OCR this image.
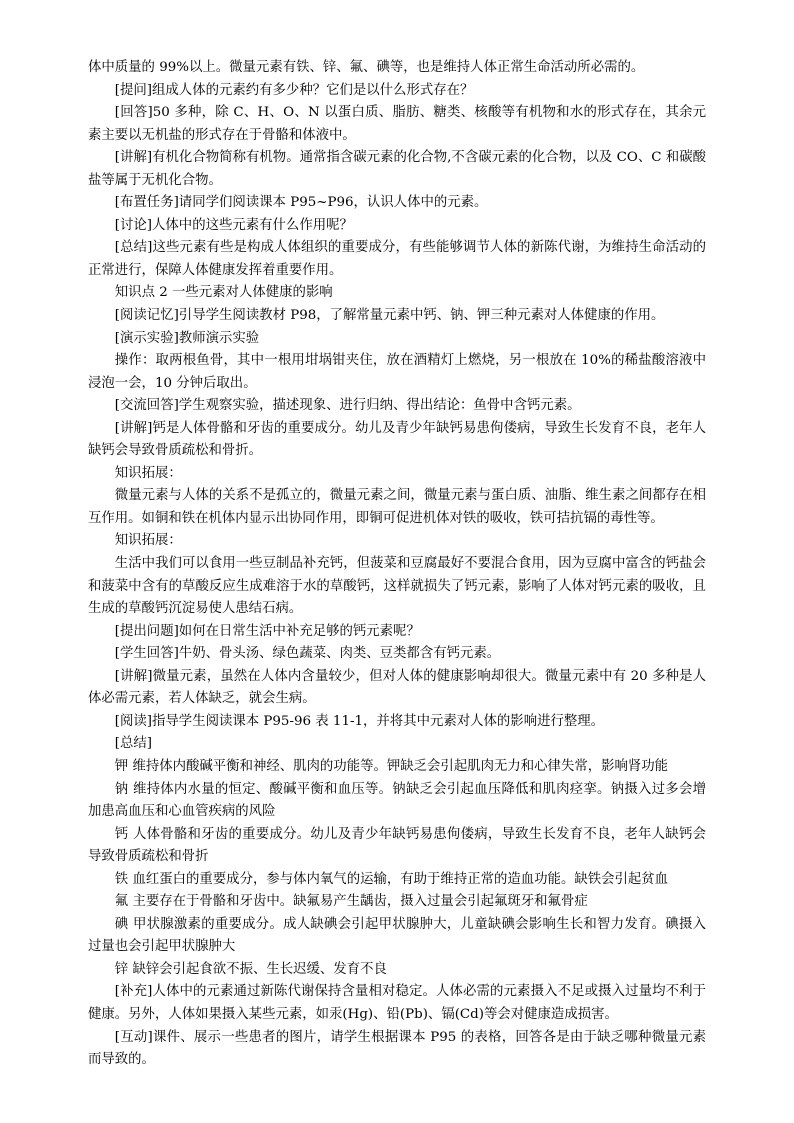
体中质量的 99%以上。微量元素有铁、锌、氟、碘等，也是维持人体正常生命活动所必需的。

[提问]组成人体的元素约有多少种？它们是以什么形式存在？

[回答]50 多种，除 C、H、O、N 以蛋白质、脂肪、糖类、核酸等有机物和水的形式存在，其余元素主要以无机盐的形式存在于骨骼和体液中。

[讲解]有机化合物简称有机物。通常指含碳元素的化合物,不含碳元素的化合物，以及 CO、C 和碳酸盐等属于无机化合物。

[布置任务]请同学们阅读课本 P95~P96，认识人体中的元素。

[讨论]人体中的这些元素有什么作用呢？

[总结]这些元素有些是构成人体组织的重要成分，有些能够调节人体的新陈代谢，为维持生命活动的正常进行，保障人体健康发挥着重要作用。

知识点 2 一些元素对人体健康的影响

[阅读记忆]引导学生阅读教材 P98，了解常量元素中钙、钠、钾三种元素对人体健康的作用。

[演示实验]教师演示实验

操作：取两根鱼骨，其中一根用坩埚钳夹住，放在酒精灯上燃烧，另一根放在 10%的稀盐酸溶液中浸泡一会，10 分钟后取出。

[交流回答]学生观察实验，描述现象、进行归纳、得出结论：鱼骨中含钙元素。

[讲解]钙是人体骨骼和牙齿的重要成分。幼儿及青少年缺钙易患佝偻病，导致生长发育不良，老年人缺钙会导致骨质疏松和骨折。

知识拓展：

微量元素与人体的关系不是孤立的，微量元素之间，微量元素与蛋白质、油脂、维生素之间都存在相互作用。如铜和铁在机体内显示出协同作用，即铜可促进机体对铁的吸收，铁可拮抗镉的毒性等。

知识拓展：

生活中我们可以食用一些豆制品补充钙，但菠菜和豆腐最好不要混合食用，因为豆腐中富含的钙盐会和菠菜中含有的草酸反应生成难溶于水的草酸钙，这样就损失了钙元素，影响了人体对钙元素的吸收，且生成的草酸钙沉淀易使人患结石病。

[提出问题]如何在日常生活中补充足够的钙元素呢？

[学生回答]牛奶、骨头汤、绿色蔬菜、肉类、豆类都含有钙元素。

[讲解]微量元素，虽然在人体内含量较少，但对人体的健康影响却很大。微量元素中有 20 多种是人体必需元素，若人体缺乏，就会生病。

[阅读]指导学生阅读课本 P95-96 表 11-1，并将其中元素对人体的影响进行整理。

[总结]

钾 维持体内酸碱平衡和神经、肌肉的功能等。钾缺乏会引起肌肉无力和心律失常，影响肾功能

钠 维持体内水量的恒定、酸碱平衡和血压等。钠缺乏会引起血压降低和肌肉痉挛。钠摄入过多会增加患高血压和心血管疾病的风险

钙 人体骨骼和牙齿的重要成分。幼儿及青少年缺钙易患佝偻病，导致生长发育不良，老年人缺钙会导致骨质疏松和骨折

铁 血红蛋白的重要成分，参与体内氧气的运输，有助于维持正常的造血功能。缺铁会引起贫血

氟 主要存在于骨骼和牙齿中。缺氟易产生龋齿，摄入过量会引起氟斑牙和氟骨症

碘 甲状腺激素的重要成分。成人缺碘会引起甲状腺肿大，儿童缺碘会影响生长和智力发育。碘摄入过量也会引起甲状腺肿大

锌 缺锌会引起食欲不振、生长迟缓、发育不良

[补充]人体中的元素通过新陈代谢保持含量相对稳定。人体必需的元素摄入不足或摄入过量均不利于健康。另外，人体如果摄入某些元素，如汞(Hg)、铅(Pb)、镉(Cd)等会对健康造成损害。

[互动]课件、展示一些患者的图片，请学生根据课本 P95 的表格，回答各是由于缺乏哪种微量元素而导致的。
